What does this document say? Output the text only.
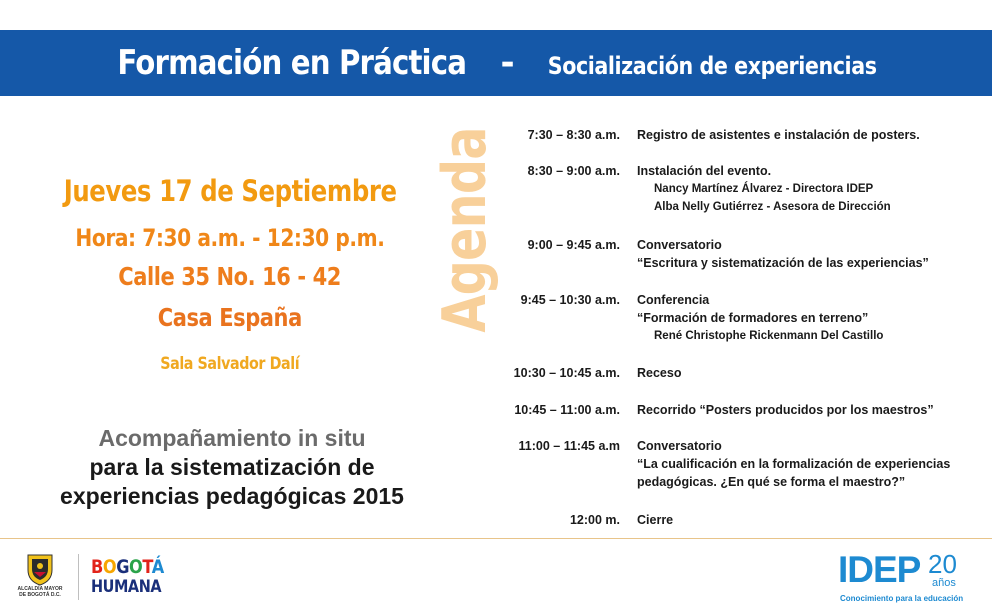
Formación en Práctica - Socialización de experiencias
Jueves 17 de Septiembre
Hora: 7:30 a.m. - 12:30 p.m.
Calle 35 No. 16 - 42
Casa España
Sala Salvador Dalí
Acompañamiento in situ
para la sistematización de
experiencias pedagógicas 2015
Agenda	7:30 – 8:30 a.m. Registro de asistentes e instalación de posters.
8:30 – 9:00 a.m. Instalación del evento.
Nancy Martínez Álvarez - Directora IDEP
Alba Nelly Gutiérrez - Asesora de Dirección
9:00 – 9:45 a.m. Conversatorio
“Escritura y sistematización de las experiencias”
9:45 – 10:30 a.m. Conferencia
“Formación de formadores en terreno”
René Christophe Rickenmann Del Castillo
10:30 – 10:45 a.m. Receso
10:45 – 11:00 a.m. Recorrido “Posters producidos por los maestros”
11:00 – 11:45 a.m Conversatorio
“La cualificación en la formalización de experiencias
pedagógicas. ¿En qué se forma el maestro?”
12:00 m. Cierre
ALCALDÍA MAYOR
DE BOGOTÁ D.C.
BOGOTÁ
HUMANA	IDEP 20
años
Conocimiento para la educación
